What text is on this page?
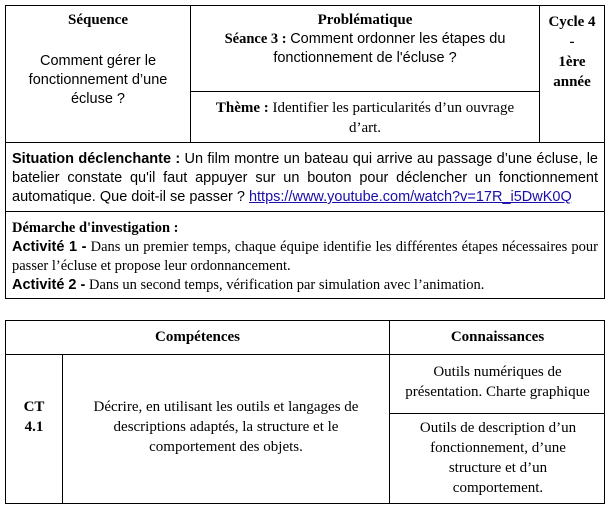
Séquence
Comment gérer le fonctionnement d’une écluse ?
Problématique
Séance 3 : Comment ordonner les étapes du fonctionnement de l'écluse ?
Thème : Identifier les particularités d’un ouvrage d’art.
Cycle 4
-
1ère
année
Situation déclenchante : Un film montre un bateau qui arrive au passage d’une écluse, le batelier constate qu'il faut appuyer sur un bouton pour déclencher un fonctionnement automatique. Que doit-il se passer ? https://www.youtube.com/watch?v=17R_i5DwK0Q
Démarche d'investigation :
Activité 1 - Dans un premier temps, chaque équipe identifie les différentes étapes nécessaires pour passer l’écluse et propose leur ordonnancement.
Activité 2 - Dans un second temps, vérification par simulation avec l’animation.
Compétences	Connaissances
CT 4.1
Décrire, en utilisant les outils et langages de descriptions adaptés, la structure et le comportement des objets.
Outils numériques de présentation. Charte graphique
Outils de description d’un fonctionnement, d’une structure et d’un comportement.
